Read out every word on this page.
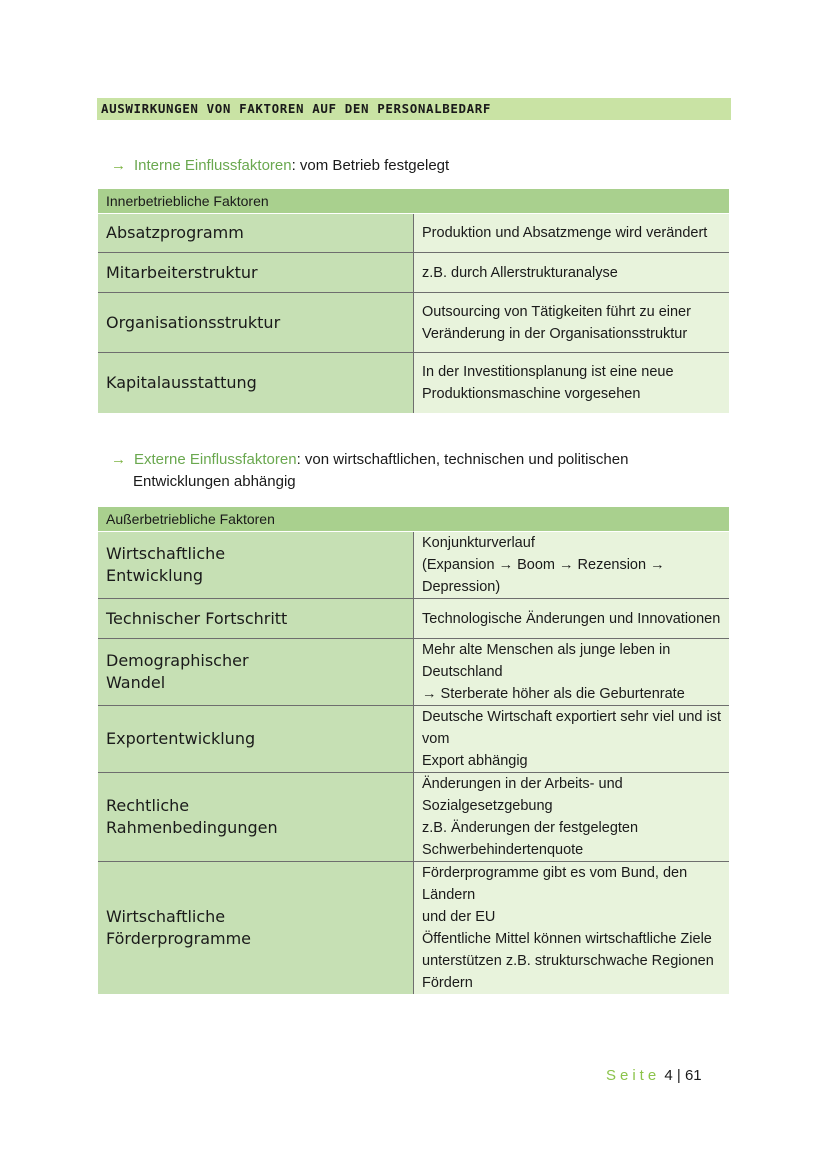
AUSWIRKUNGEN VON FAKTOREN AUF DEN PERSONALBEDARF
→ Interne Einflussfaktoren: vom Betrieb festgelegt
Innerbetriebliche Faktoren	
Absatzprogramm	Produktion und Absatzmenge wird verändert
Mitarbeiterstruktur	z.B. durch Allerstrukturanalyse
Organisationsstruktur	Outsourcing von Tätigkeiten führt zu einer
Veränderung in der Organisationsstruktur
Kapitalausstattung	In der Investitionsplanung ist eine neue
Produktionsmaschine vorgesehen
→ Externe Einflussfaktoren: von wirtschaftlichen, technischen und politischen
Entwicklungen abhängig
Außerbetriebliche Faktoren	
Wirtschaftliche
Entwicklung	Konjunkturverlauf
(Expansion → Boom → Rezension → Depression)
Technischer Fortschritt	Technologische Änderungen und Innovationen
Demographischer
Wandel	Mehr alte Menschen als junge leben in Deutschland
→ Sterberate höher als die Geburtenrate
Exportentwicklung	Deutsche Wirtschaft exportiert sehr viel und ist vom
Export abhängig
Rechtliche
Rahmenbedingungen	Änderungen in der Arbeits- und Sozialgesetzgebung
z.B. Änderungen der festgelegten
Schwerbehindertenquote
Wirtschaftliche
Förderprogramme	Förderprogramme gibt es vom Bund, den Ländern
und der EU
Öffentliche Mittel können wirtschaftliche Ziele
unterstützen z.B. strukturschwache Regionen
Fördern
Seite 4 | 61
